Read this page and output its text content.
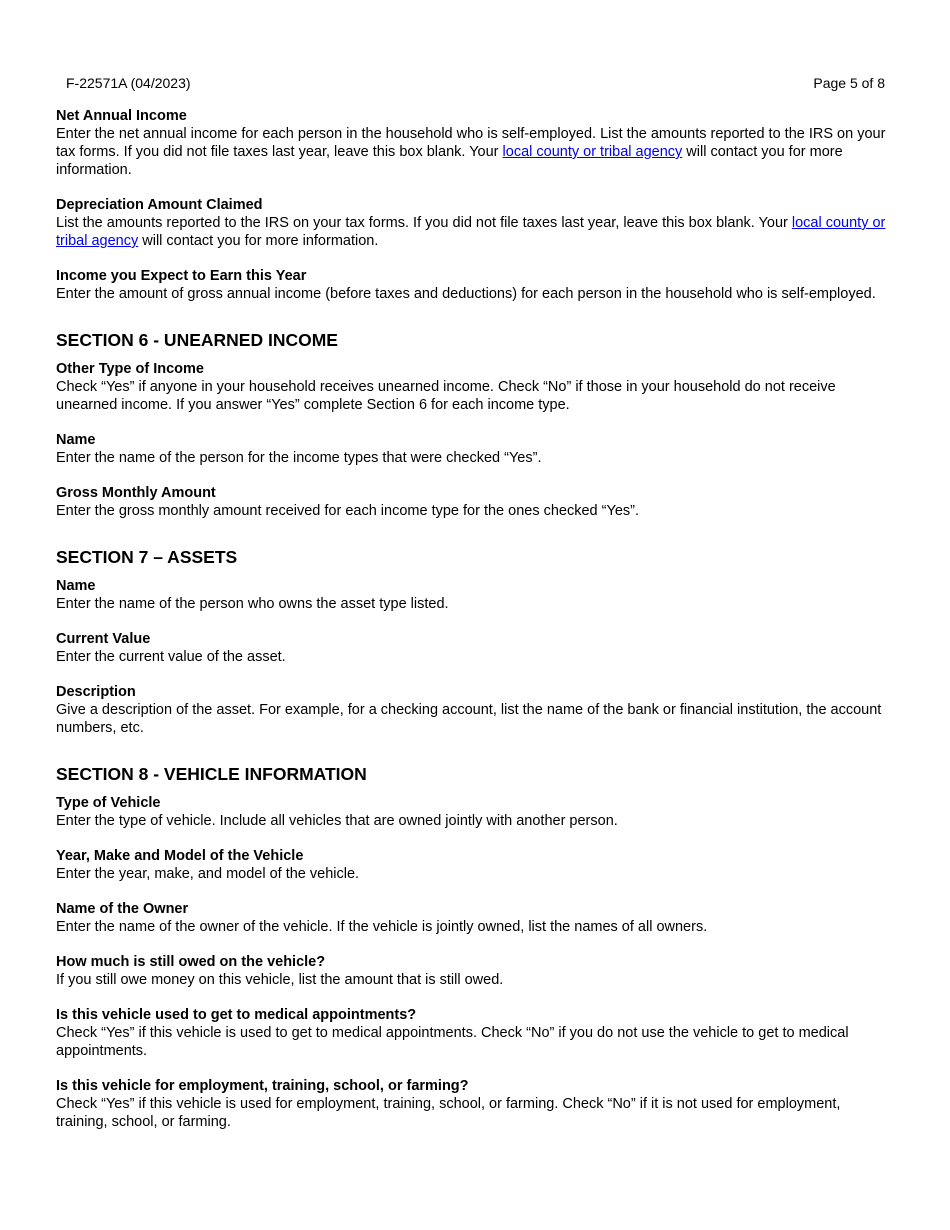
F-22571A (04/2023)	Page 5 of 8
Net Annual Income

Enter the net annual income for each person in the household who is self-employed. List the amounts reported to the IRS on your tax forms. If you did not file taxes last year, leave this box blank. Your local county or tribal agency will contact you for more information.

Depreciation Amount Claimed

List the amounts reported to the IRS on your tax forms. If you did not file taxes last year, leave this box blank. Your local county or tribal agency will contact you for more information.

Income you Expect to Earn this Year

Enter the amount of gross annual income (before taxes and deductions) for each person in the household who is self-employed.

SECTION 6 - UNEARNED INCOME
Other Type of Income

Check “Yes” if anyone in your household receives unearned income. Check “No” if those in your household do not receive unearned income. If you answer “Yes” complete Section 6 for each income type.

Name

Enter the name of the person for the income types that were checked “Yes”.

Gross Monthly Amount

Enter the gross monthly amount received for each income type for the ones checked “Yes”.

SECTION 7 – ASSETS
Name

Enter the name of the person who owns the asset type listed.

Current Value

Enter the current value of the asset.

Description

Give a description of the asset. For example, for a checking account, list the name of the bank or financial institution, the account numbers, etc.

SECTION 8 - VEHICLE INFORMATION
Type of Vehicle

Enter the type of vehicle. Include all vehicles that are owned jointly with another person.

Year, Make and Model of the Vehicle

Enter the year, make, and model of the vehicle.

Name of the Owner

Enter the name of the owner of the vehicle. If the vehicle is jointly owned, list the names of all owners.

How much is still owed on the vehicle?

If you still owe money on this vehicle, list the amount that is still owed.

Is this vehicle used to get to medical appointments?

Check “Yes” if this vehicle is used to get to medical appointments. Check “No” if you do not use the vehicle to get to medical appointments.

Is this vehicle for employment, training, school, or farming?

Check “Yes” if this vehicle is used for employment, training, school, or farming. Check “No” if it is not used for employment, training, school, or farming.
